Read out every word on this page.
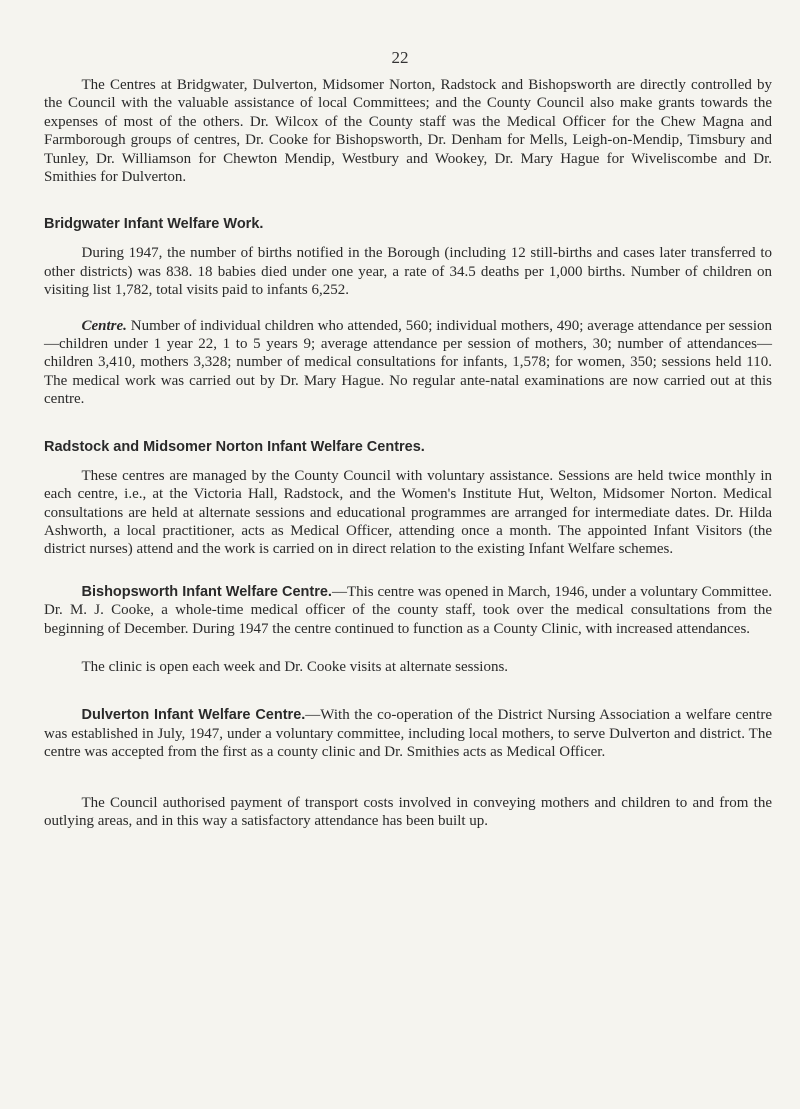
22

The Centres at Bridgwater, Dulverton, Midsomer Norton, Radstock and Bishopsworth are directly controlled by the Council with the valuable assistance of local Committees; and the County Council also make grants towards the expenses of most of the others. Dr. Wilcox of the County staff was the Medical Officer for the Chew Magna and Farmborough groups of centres, Dr. Cooke for Bishopsworth, Dr. Denham for Mells, Leigh-on-Mendip, Timsbury and Tunley, Dr. Williamson for Chewton Mendip, Westbury and Wookey, Dr. Mary Hague for Wiveliscombe and Dr. Smithies for Dulverton.

Bridgwater Infant Welfare Work.

During 1947, the number of births notified in the Borough (including 12 still-births and cases later transferred to other districts) was 838. 18 babies died under one year, a rate of 34.5 deaths per 1,000 births. Number of children on visiting list 1,782, total visits paid to infants 6,252.

Centre. Number of individual children who attended, 560; individual mothers, 490; average attendance per session—children under 1 year 22, 1 to 5 years 9; average attendance per session of mothers, 30; number of attendances—children 3,410, mothers 3,328; number of medical consultations for infants, 1,578; for women, 350; sessions held 110. The medical work was carried out by Dr. Mary Hague. No regular ante-natal examinations are now carried out at this centre.

Radstock and Midsomer Norton Infant Welfare Centres.

These centres are managed by the County Council with voluntary assistance. Sessions are held twice monthly in each centre, i.e., at the Victoria Hall, Radstock, and the Women's Institute Hut, Welton, Midsomer Norton. Medical consultations are held at alternate sessions and educational programmes are arranged for intermediate dates. Dr. Hilda Ashworth, a local practitioner, acts as Medical Officer, attending once a month. The appointed Infant Visitors (the district nurses) attend and the work is carried on in direct relation to the existing Infant Welfare schemes.

Bishopsworth Infant Welfare Centre.—This centre was opened in March, 1946, under a voluntary Committee. Dr. M. J. Cooke, a whole-time medical officer of the county staff, took over the medical consultations from the beginning of December. During 1947 the centre continued to function as a County Clinic, with increased attendances.

The clinic is open each week and Dr. Cooke visits at alternate sessions.

Dulverton Infant Welfare Centre.—With the co-operation of the District Nursing Association a welfare centre was established in July, 1947, under a voluntary committee, including local mothers, to serve Dulverton and district. The centre was accepted from the first as a county clinic and Dr. Smithies acts as Medical Officer.

The Council authorised payment of transport costs involved in conveying mothers and children to and from the outlying areas, and in this way a satisfactory attendance has been built up.
